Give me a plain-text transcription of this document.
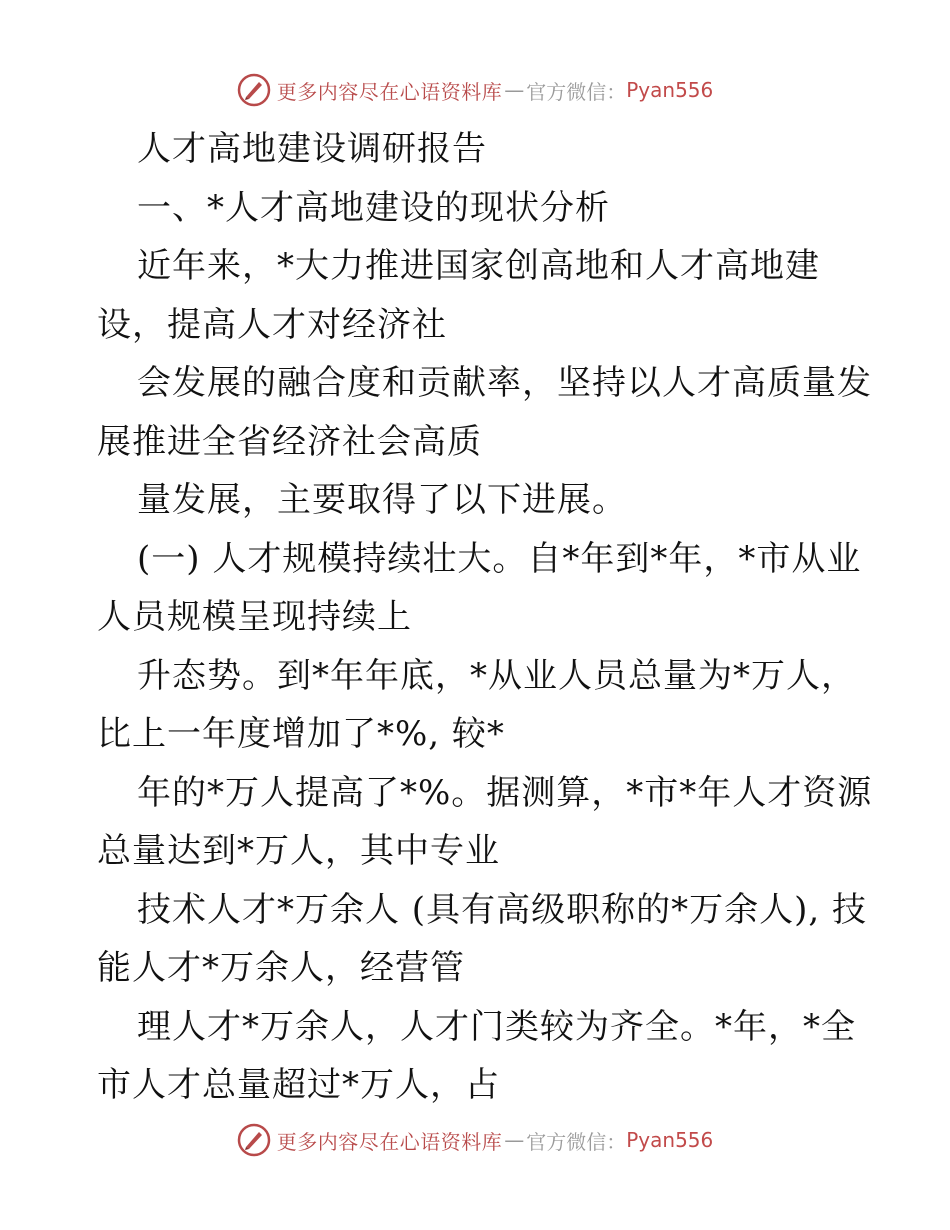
更多内容尽在心语资料库 — 官方微信： Pyan556
人才高地建设调研报告
一、*人才高地建设的现状分析
近年来，*大力推进国家创高地和人才高地建
设，提高人才对经济社
会发展的融合度和贡献率，坚持以人才高质量发
展推进全省经济社会高质
量发展，主要取得了以下进展。
(一) 人才规模持续壮大。自*年到*年，*市从业
人员规模呈现持续上
升态势。到*年年底，*从业人员总量为*万人，
比上一年度增加了*%, 较*
年的*万人提高了*%。据测算，*市*年人才资源
总量达到*万人，其中专业
技术人才*万余人 (具有高级职称的*万余人), 技
能人才*万余人，经营管
理人才*万余人，人才门类较为齐全。*年，*全
市人才总量超过*万人，占
更多内容尽在心语资料库 — 官方微信： Pyan556
